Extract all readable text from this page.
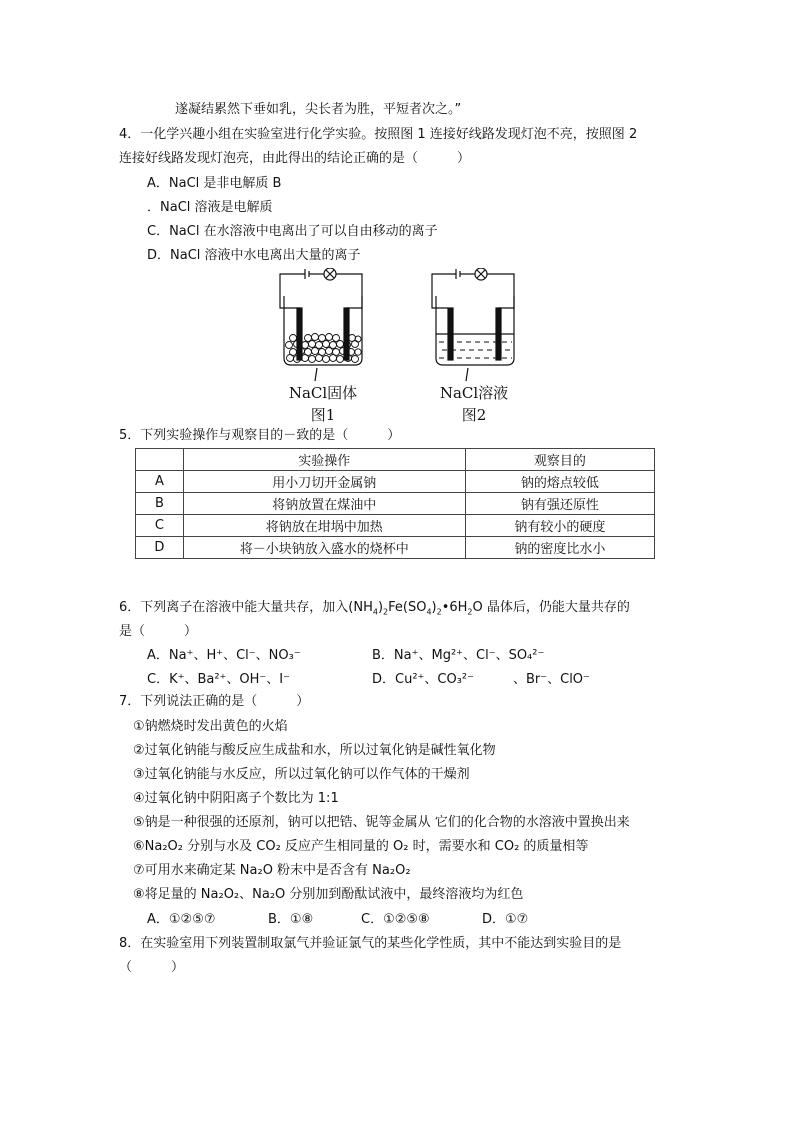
遂凝结累然下垂如乳，尖长者为胜，平短者次之。”
4．一化学兴趣小组在实验室进行化学实验。按照图 1 连接好线路发现灯泡不亮，按照图 2
连接好线路发现灯泡亮，由此得出的结论正确的是（　　　）
A．NaCl 是非电解质 B
．NaCl 溶液是电解质
C．NaCl 在水溶液中电离出了可以自由移动的离子
D．NaCl 溶液中水电离出大量的离子
NaCl固体
图1
NaCl溶液
图2
5．下列实验操作与观察目的－致的是（　　　）
	实验操作	观察目的
A	用小刀切开金属钠	钠的熔点较低
B	将钠放置在煤油中	钠有强还原性
C	将钠放在坩埚中加热	钠有较小的硬度
D	将－小块钠放入盛水的烧杯中	钠的密度比水小
6．下列离子在溶液中能大量共存，加入$(NH_4)_2Fe(SO_4)_2•6H_2O$ 晶体后，仍能大量共存的
是（　　　）
A．Na⁺、H⁺、Cl⁻、NO₃⁻	B．Na⁺、Mg²⁺、Cl⁻、SO₄²⁻
C．K⁺、Ba²⁺、OH⁻、I⁻	D．Cu²⁺、CO₃²⁻　　　、Br⁻、ClO⁻
7．下列说法正确的是（　　　）
①钠燃烧时发出黄色的火焰
②过氧化钠能与酸反应生成盐和水，所以过氧化钠是碱性氧化物
③过氧化钠能与水反应，所以过氧化钠可以作气体的干燥剂
④过氧化钠中阴阳离子个数比为 1:1
⑤钠是一种很强的还原剂，钠可以把锆、铌等金属从 它们的化合物的水溶液中置换出来
⑥Na₂O₂ 分别与水及 CO₂ 反应产生相同量的 O₂ 时，需要水和 CO₂ 的质量相等
⑦可用水来确定某 Na₂O 粉末中是否含有 Na₂O₂
⑧将足量的 Na₂O₂、Na₂O 分别加到酚酞试液中，最终溶液均为红色
A．①②⑤⑦	B．①⑧	C．①②⑤⑧	D．①⑦
8．在实验室用下列装置制取氯气并验证氯气的某些化学性质，其中不能达到实验目的是
（　　　）
